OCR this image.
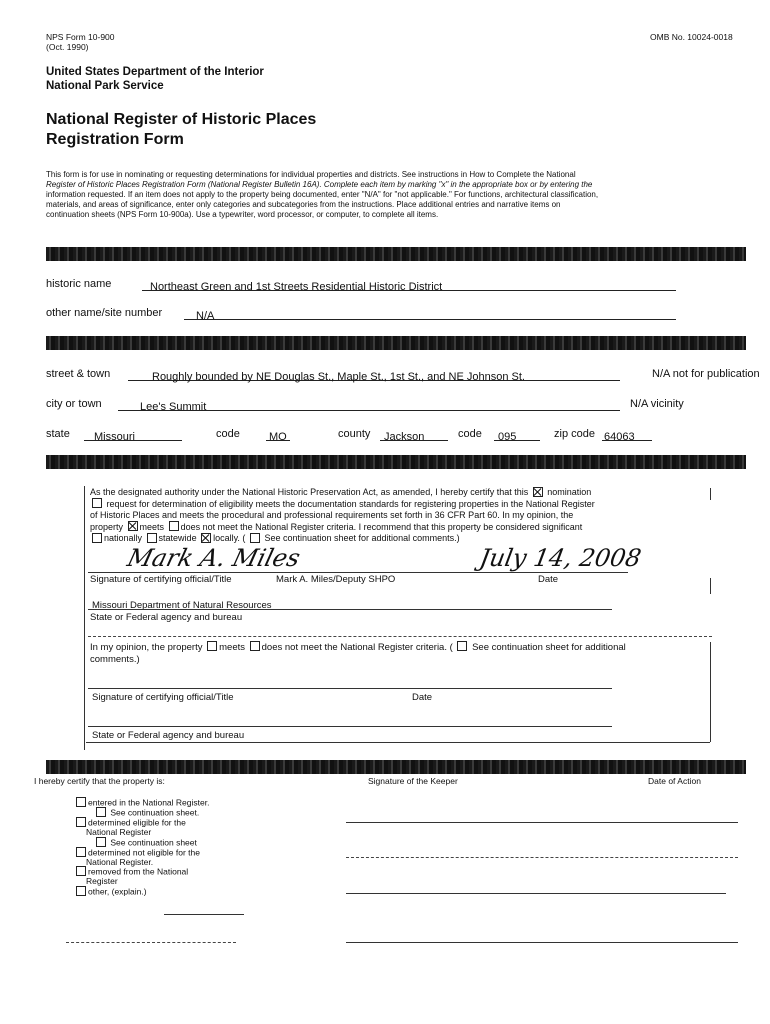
NPS Form 10-900
(Oct. 1990)
OMB No. 10024-0018
United States Department of the Interior
National Park Service
National Register of Historic Places
Registration Form
This form is for use in nominating or requesting determinations for individual properties and districts. See instructions in How to Complete the National
Register of Historic Places Registration Form (National Register Bulletin 16A). Complete each item by marking "x" in the appropriate box or by entering the
information requested. If an item does not apply to the property being documented, enter "N/A" for "not applicable." For functions, architectural classification,
materials, and areas of significance, enter only categories and subcategories from the instructions. Place additional entries and narrative items on
continuation sheets (NPS Form 10-900a). Use a typewriter, word processor, or computer, to complete all items.
historic name	Northeast Green and 1st Streets Residential Historic District
other name/site number	N/A
street & town	Roughly bounded by NE Douglas St., Maple St., 1st St., and NE Johnson St.	N/A not for publication
city or town	Lee's Summit	N/A vicinity
state	Missouri	code	MO	county	Jackson	code	095	zip code 64063
As the designated authority under the National Historic Preservation Act, as amended, I hereby certify that this nomination
request for determination of eligibility meets the documentation standards for registering properties in the National Register
of Historic Places and meets the procedural and professional requirements set forth in 36 CFR Part 60. In my opinion, the
property meets does not meet the National Register criteria. I recommend that this property be considered significant
nationally statewide locally. ( See continuation sheet for additional comments.)
Mark A. Miles	July 14, 2008
Signature of certifying official/Title	Mark A. Miles/Deputy SHPO	Date
Missouri Department of Natural Resources
State or Federal agency and bureau
In my opinion, the property meets does not meet the National Register criteria. ( See continuation sheet for additional
comments.)
Signature of certifying official/Title	Date
State or Federal agency and bureau
I hereby certify that the property is:	Signature of the Keeper	Date of Action
entered in the National Register.
See continuation sheet.
determined eligible for the
National Register
See continuation sheet
determined not eligible for the
National Register.
removed from the National
Register
other, (explain.)
